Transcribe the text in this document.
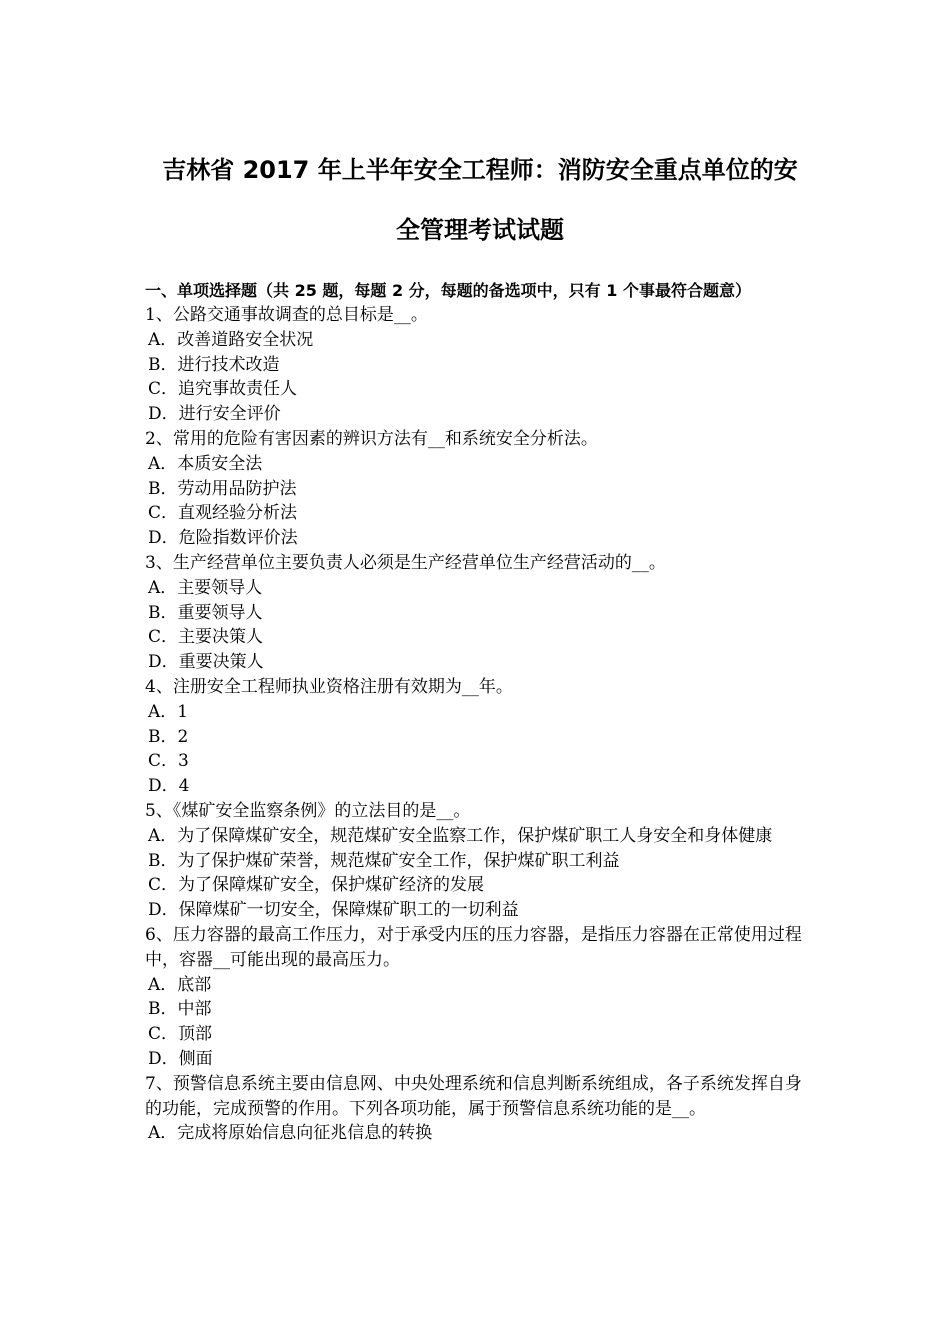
吉林省 2017 年上半年安全工程师：消防安全重点单位的安
全管理考试试题

一、单项选择题（共 25 题，每题 2 分，每题的备选项中，只有 1 个事最符合题意）

1、公路交通事故调查的总目标是__。

A．改善道路安全状况

B．进行技术改造

C．追究事故责任人

D．进行安全评价

2、常用的危险有害因素的辨识方法有__和系统安全分析法。

A．本质安全法

B．劳动用品防护法

C．直观经验分析法

D．危险指数评价法

3、生产经营单位主要负责人必须是生产经营单位生产经营活动的__。

A．主要领导人

B．重要领导人

C．主要决策人

D．重要决策人

4、注册安全工程师执业资格注册有效期为__年。

A．1

B．2

C．3

D．4

5、《煤矿安全监察条例》的立法目的是__。

A．为了保障煤矿安全，规范煤矿安全监察工作，保护煤矿职工人身安全和身体健康

B．为了保护煤矿荣誉，规范煤矿安全工作，保护煤矿职工利益

C．为了保障煤矿安全，保护煤矿经济的发展

D．保障煤矿一切安全，保障煤矿职工的一切利益

6、压力容器的最高工作压力，对于承受内压的压力容器，是指压力容器在正常使用过程中，容器__可能出现的最高压力。

A．底部

B．中部

C．顶部

D．侧面

7、预警信息系统主要由信息网、中央处理系统和信息判断系统组成，各子系统发挥自身的功能，完成预警的作用。下列各项功能，属于预警信息系统功能的是__。

A．完成将原始信息向征兆信息的转换
